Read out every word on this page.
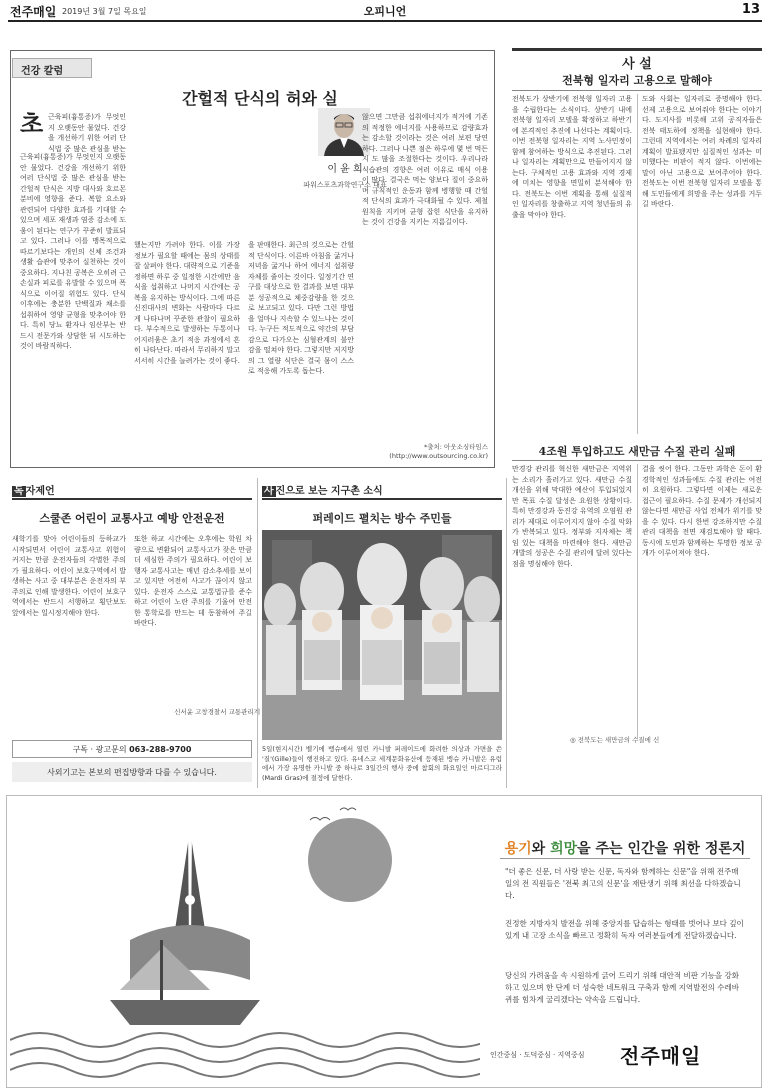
전주매일 2019년 3월 7일 목요일	오피니언	13
건강 칼럼
간헐적 단식의 허와 실
이 윤 희
파워스포츠과학연구소 대표
초 근육피(흉통증)가 무엇인지 오랫동안 물었다. 건강을 개선하기 위한 여러 단식법 중 많은 관심을 받는
근육피(흉통증)가 무엇인지 오랫동안 물었다. 건강을 개선하기 위한 여러 단식법 중 많은 관심을 받는 간헐적 단식은 지방 대사와 호르몬 분비에 영향을 준다. 복합 요소와 관련되어 다양한 효과를 기대할 수 있으며 세포 재생과 염증 감소에 도움이 된다는 연구가 꾸준히 발표되고 있다. 그러나 이를 맹목적으로 따르기보다는 개인의 신체 조건과 생활 습관에 맞추어 실천하는 것이 중요하다. 지나친 공복은 오히려 근손실과 피로를 유발할 수 있으며 폭식으로 이어질 위험도 있다. 단식 이후에는 충분한 단백질과 채소를 섭취하여 영양 균형을 맞추어야 한다. 특히 당뇨 환자나 임산부는 반드시 전문가와 상담한 뒤 시도하는 것이 바람직하다.
했는지만 가려야 한다. 이를 가장 정보가 필요할 때에는 몸의 상태를 잘 살펴야 한다. 대략적으로 기준을 정하면 하루 중 일정한 시간에만 음식을 섭취하고 나머지 시간에는 공복을 유지하는 방식이다. 그에 따른 신진대사의 변화는 사람마다 다르게 나타나며 꾸준한 관찰이 필요하다. 부수적으로 발생하는 두통이나 어지러움은 초기 적응 과정에서 흔히 나타난다. 따라서 무리하지 말고 서서히 시간을 늘려가는 것이 좋다.
을 판매한다. 최근의 것으로는 간헐적 단식이다. 이른바 아침을 굶거나 저녁을 굶거나 하여 에너지 섭취량 자체를 줄이는 것이다. 일정기간 연구를 대상으로 한 결과를 보면 대부분 성공적으로 체중감량을 한 것으로 보고되고 있다. 다만 그런 방법을 얼마나 지속할 수 있느냐는 것이다. 누구든 적도적으로 약간의 부담감으로 다가오는 심혈관계의 불안감을 떨쳐야 한다. 그렇지만 저지방의 그 열량 식단은 결국 몸이 스스로 적응해 가도록 돕는다.
않으면 그만큼 섭취에너지가 적거에 기존의 적정한 에너지를 사용하므로 감량효과는 감소할 것이라는 것은 여러 보편 당연하다. 그러나 나쁜 점은 하루에 몇 번 먹든지 도 많을 조절한다는 것이다. 우리나라 식습관의 경향은 여러 이유로 매식 이용이 많다. 결국은 먹는 양보다 질이 중요하며 규칙적인 운동과 함께 병행할 때 간헐적 단식의 효과가 극대화될 수 있다. 제철 원칙을 지키며 균형 잡힌 식단을 유지하는 것이 건강을 지키는 지름길이다.
*출처: 아웃소싱타임스 (http://www.outsourcing.co.kr)
사 설
전북형 일자리 고용으로 말해야
전북도가 상반기에 전북형 일자리 고용을 수립한다는 소식이다. 상반기 내에 전북형 일자리 모델을 확정하고 하반기에 본격적인 추진에 나선다는 계획이다. 이번 전북형 일자리는 지역 노사민정이 함께 참여하는 방식으로 추진된다. 그러나 일자리는 계획만으로 만들어지지 않는다. 구체적인 고용 효과와 지역 경제에 미치는 영향을 면밀히 분석해야 한다. 전북도는 이번 계획을 통해 실질적인 일자리를 창출하고 지역 청년들의 유출을 막아야 한다.
도와 사회는 일자리로 증명해야 한다. 선제 고용으로 보여줘야 한다는 이야기다. 도지사를 비롯해 고위 공직자들은 전북 태도하에 정책을 실현해야 한다. 그런데 지역에서는 여러 차례의 일자리 계획이 발표됐지만 실질적인 성과는 미미했다는 비판이 적지 않다. 이번에는 말이 아닌 고용으로 보여주어야 한다. 전북도는 이번 전북형 일자리 모델을 통해 도민들에게 희망을 주는 성과를 거두길 바란다.
4조원 투입하고도 새만금 수질 관리 실패
만경강 관리를 혁신한 새만금은 지역위는 소리가 흘러가고 있다. 새만금 수질 개선을 위해 막대한 예산이 투입되었지만 목표 수질 달성은 요원한 상황이다. 특히 만경강과 동진강 유역의 오염원 관리가 제대로 이루어지지 않아 수질 악화가 반복되고 있다. 정부와 지자체는 책임 있는 대책을 마련해야 한다. 새만금 개발의 성공은 수질 관리에 달려 있다는 점을 명심해야 한다.
결을 씻어 한다. 그동안 과학은 돈이 환경학적인 성과들에도 수질 관리는 여전히 요원하다. 그렇다면 이제는 새로운 접근이 필요하다. 수질 문제가 개선되지 않는다면 새만금 사업 전체가 위기를 맞을 수 있다. 다시 한번 강조하지만 수질 관리 대책을 전면 재검토해야 할 때다. 동시에 도민과 함께하는 투명한 정보 공개가 이루어져야 한다.
◎ 전북도는 새만금의 수질에 신
독 자제언
스쿨존 어린이 교통사고 예방 안전운전
새학기를 맞아 어린이들의 등하교가 시작되면서 어린이 교통사고 위험이 커지는 만큼 운전자들의 각별한 주의가 필요하다. 어린이 보호구역에서 발생하는 사고 중 대부분은 운전자의 부주의로 인해 발생한다. 어린이 보호구역에서는 반드시 서행하고 횡단보도 앞에서는 일시정지해야 한다.
또한 하교 시간에는 오후에는 학원 차량으로 변환되어 교통사고가 잦은 만큼 더 세심한 주의가 필요하다. 어린이 보행자 교통사고는 매년 감소추세를 보이고 있지만 여전히 사고가 끊이지 않고 있다. 운전자 스스로 교통법규를 준수하고 어린이 노란 주의를 기울여 안전한 통학로를 만드는 데 동참하여 주길 바란다.
신서윤 고창경찰서 교통관리계
구독 · 광고문의 063-288-9700
사외기고는 본보의 편집방향과 다를 수 있습니다.
사 진으로 보는 지구촌 소식
퍼레이드 펼치는 방수 주민들
5일(현지시간) 벨기에 뱅슈에서 열린 카니발 퍼레이드에 화려한 의상과 가면을 쓴 '질'(Gille)들이 행진하고 있다. 유네스코 세계문화유산에 등재된 뱅슈 카니발은 유럽에서 가장 유명한 카니발 중 하나로 3일간의 행사 중에 참회의 화요일인 마르디그라(Mardi Gras)에 절정에 달한다.
용기와 희망을 주는 인간을 위한 정론지
"더 좋은 신문, 더 사랑 받는 신문, 독자와 함께하는 신문"을 위해 전주매일의 전 직원들은 '전북 최고의 신문'을 재탄생기 위해 최선을 다하겠습니다.
진정한 지방자치 발전을 위해 중앙지를 답습하는 형태를 벗어나 보다 깊이 있게 내 고장 소식을 빠르고 정확히 독자 여러분들에게 전달하겠습니다.
당신의 가려움을 속 시원하게 긁어 드리기 위해 대안적 비판 기능을 강화하고 있으며 한 단계 더 성숙한 네트워크 구축과 함께 지역발전의 수레바퀴를 힘차게 굴리겠다는 약속을 드립니다.
인간중심 · 도덕중심 · 지역중심 전주매일
